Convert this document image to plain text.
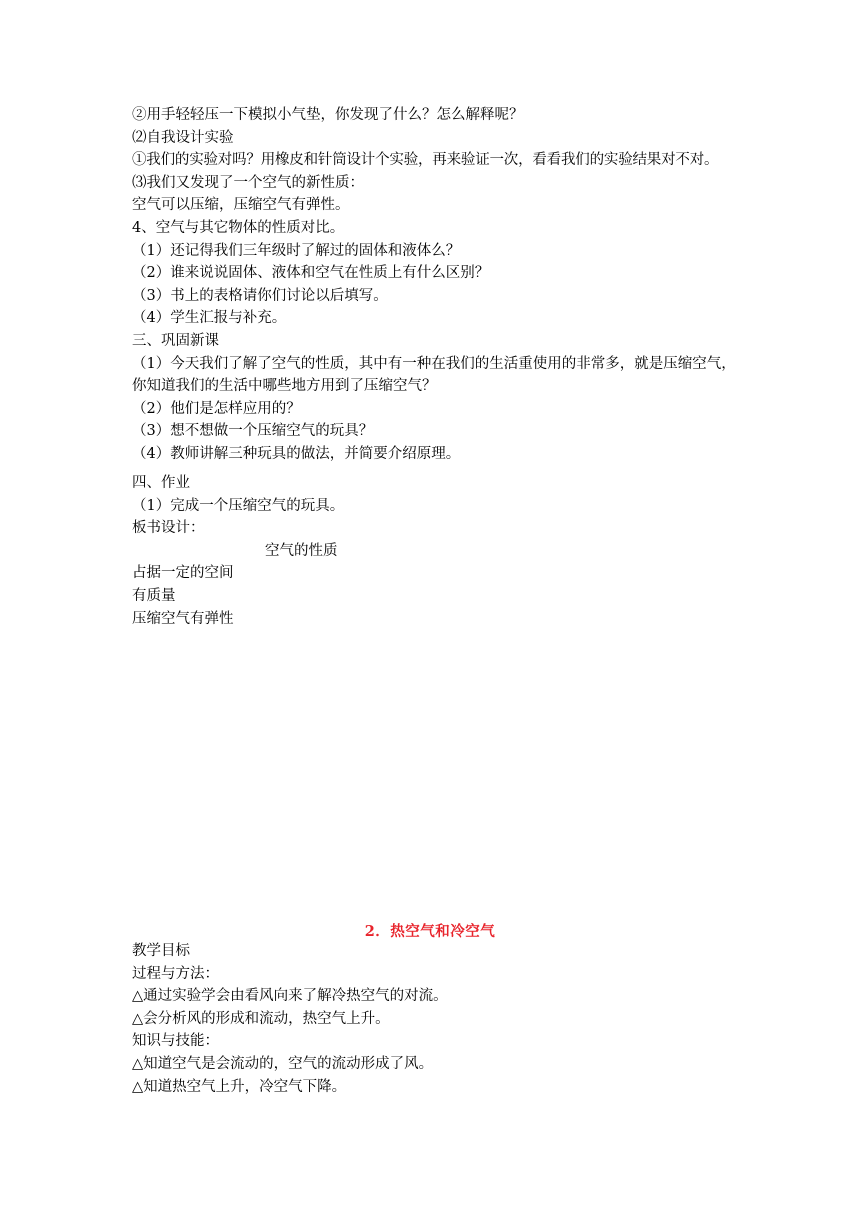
②用手轻轻压一下模拟小气垫，你发现了什么？怎么解释呢？
⑵自我设计实验
①我们的实验对吗？用橡皮和针筒设计个实验，再来验证一次，看看我们的实验结果对不对。
⑶我们又发现了一个空气的新性质：
空气可以压缩，压缩空气有弹性。
4、空气与其它物体的性质对比。
（1）还记得我们三年级时了解过的固体和液体么？
（2）谁来说说固体、液体和空气在性质上有什么区别？
（3）书上的表格请你们讨论以后填写。
（4）学生汇报与补充。
三、巩固新课
（1）今天我们了解了空气的性质，其中有一种在我们的生活重使用的非常多，就是压缩空气，你知道我们的生活中哪些地方用到了压缩空气？
（2）他们是怎样应用的？
（3）想不想做一个压缩空气的玩具？
（4）教师讲解三种玩具的做法，并简要介绍原理。
四、作业
（1）完成一个压缩空气的玩具。
板书设计：
空气的性质
占据一定的空间
有质量
压缩空气有弹性
2．热空气和冷空气
教学目标
过程与方法：
△通过实验学会由看风向来了解冷热空气的对流。
△会分析风的形成和流动，热空气上升。
知识与技能：
△知道空气是会流动的，空气的流动形成了风。
△知道热空气上升，冷空气下降。
